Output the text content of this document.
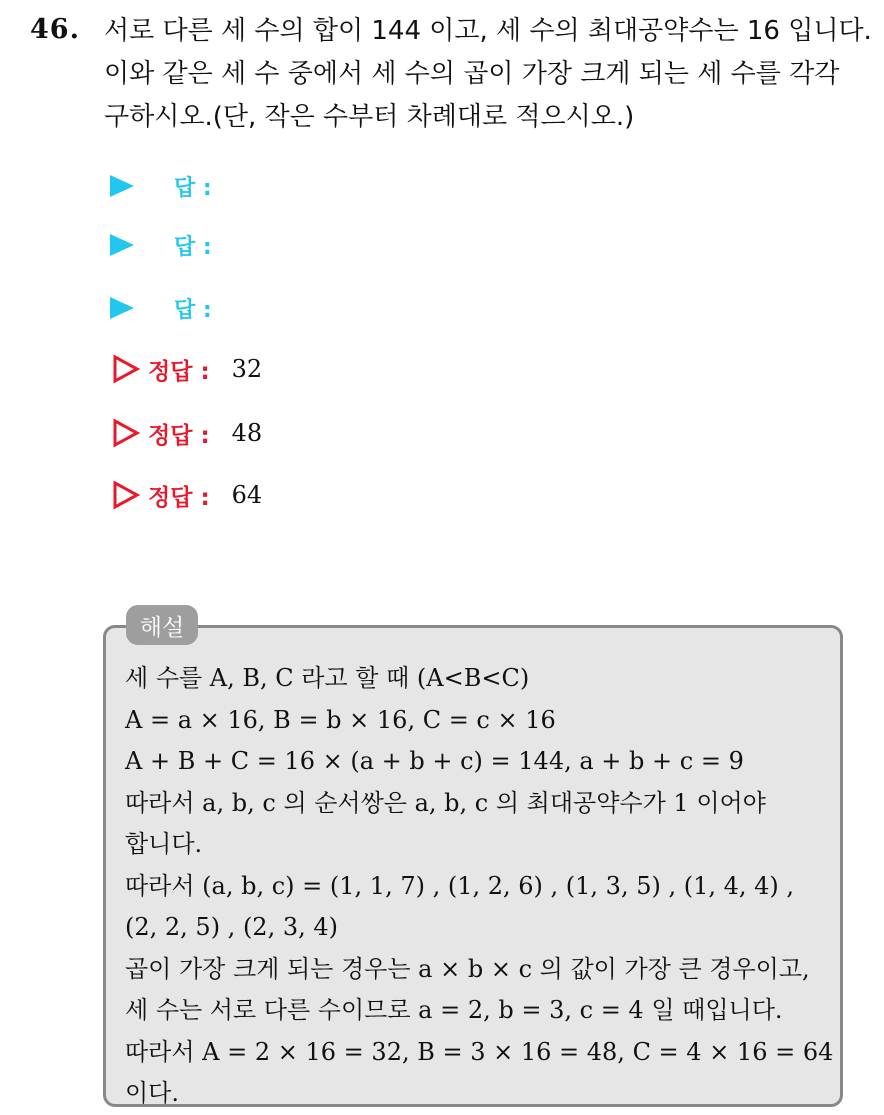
46. 서로 다른 세 수의 합이 144 이고, 세 수의 최대공약수는 16 입니다.
이와 같은 세 수 중에서 세 수의 곱이 가장 크게 되는 세 수를 각각
구하시오.(단, 작은 수부터 차례대로 적으시오.)
답 :
답 :
답 :
정답 : 32
정답 : 48
정답 : 64
해설
세 수를 A, B, C 라고 할 때 (A<B<C)
A = a × 16, B = b × 16, C = c × 16
A + B + C = 16 × (a + b + c) = 144, a + b + c = 9
따라서 a, b, c 의 순서쌍은 a, b, c 의 최대공약수가 1 이어야
합니다.
따라서 (a, b, c) = (1, 1, 7) , (1, 2, 6) , (1, 3, 5) , (1, 4, 4) ,
(2, 2, 5) , (2, 3, 4)
곱이 가장 크게 되는 경우는 a × b × c 의 값이 가장 큰 경우이고,
세 수는 서로 다른 수이므로 a = 2, b = 3, c = 4 일 때입니다.
따라서 A = 2 × 16 = 32, B = 3 × 16 = 48, C = 4 × 16 = 64
이다.
